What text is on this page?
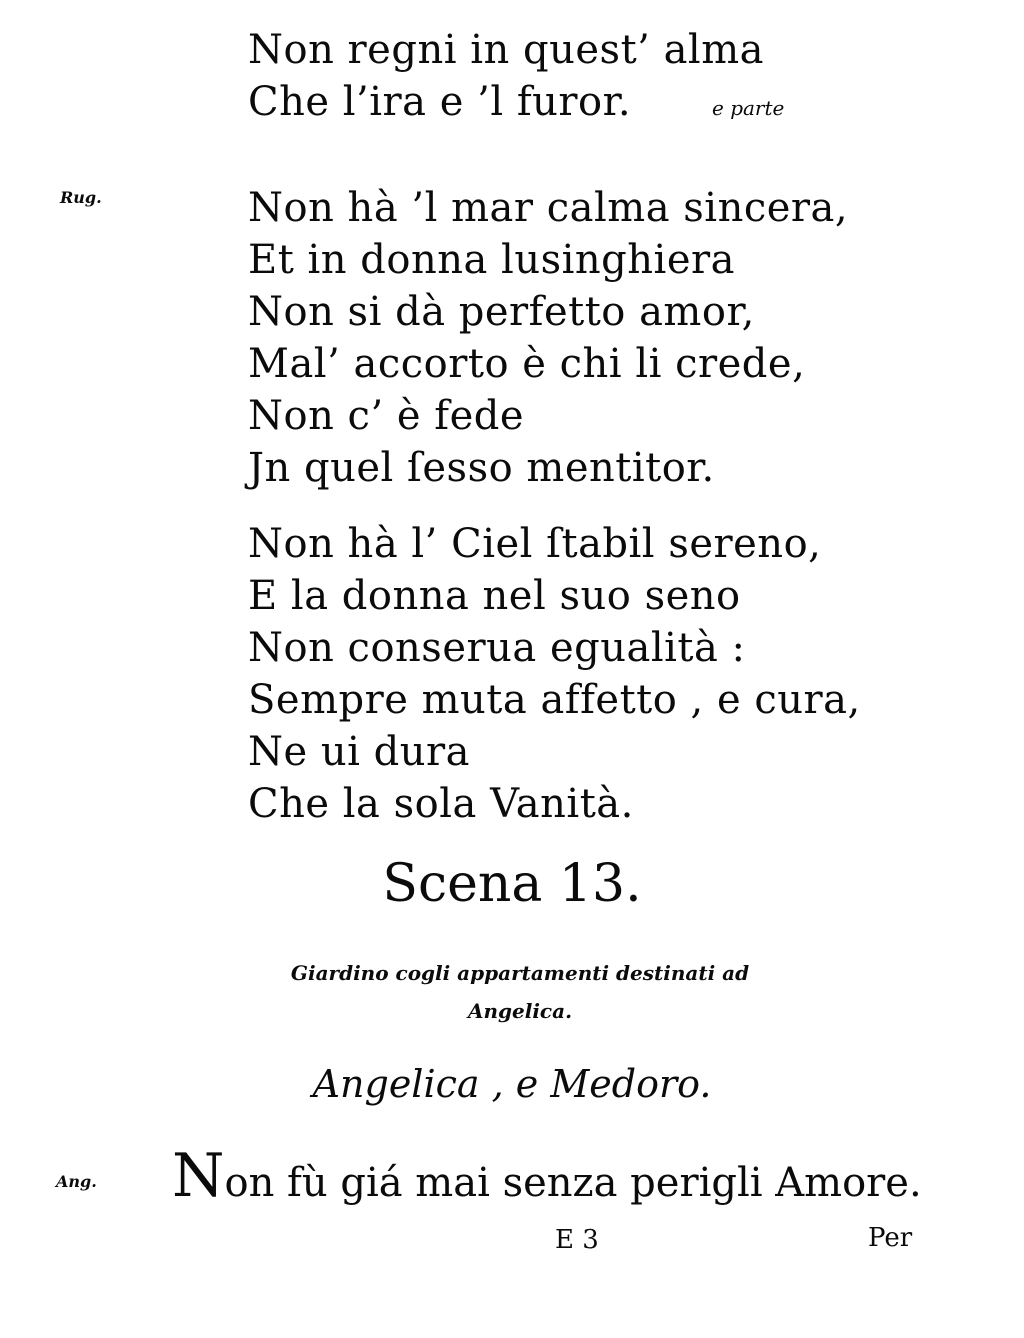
Non regni in quest’ alma
Che l’ira e ’l furor.	e parte
Rug.	Non hà ’l mar calma sincera,
Et in donna lusinghiera
Non si dà perfetto amor,
Mal’ accorto è chi li crede,
Non c’ è fede
Jn quel ſesso mentitor.
Non hà l’ Ciel ſtabil sereno,
E la donna nel suo seno
Non conserua egualità :
Sempre muta affetto , e cura,
Ne ui dura
Che la sola Vanità.
Scena 13.
Giardino cogli appartamenti destinati ad
Angelica.
Angelica , e Medoro.
Ang. Non fù giá mai senza perigli Amore.
E 3	Per
